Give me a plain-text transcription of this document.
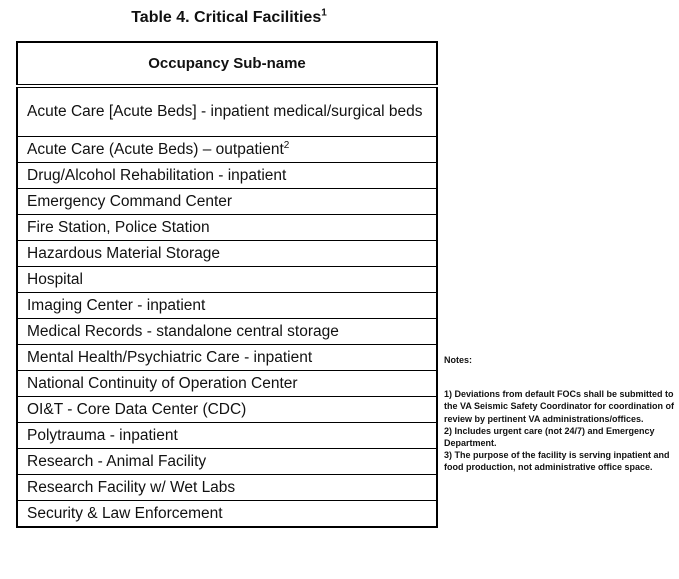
Table 4. Critical Facilities$^1$
Occupancy Sub-name
Acute Care [Acute Beds] - inpatient medical/surgical beds
Acute Care (Acute Beds) – outpatient$^2$
Drug/Alcohol Rehabilitation - inpatient
Emergency Command Center
Fire Station, Police Station
Hazardous Material Storage
Hospital
Imaging Center - inpatient
Medical Records - standalone central storage
Mental Health/Psychiatric Care - inpatient
National Continuity of Operation Center
OI&T - Core Data Center (CDC)
Polytrauma - inpatient
Research - Animal Facility
Research Facility w/ Wet Labs
Security & Law Enforcement

Notes:

1) Deviations from default FOCs shall be submitted to the VA Seismic Safety Coordinator for coordination of review by pertinent VA administrations/offices.

2) Includes urgent care (not 24/7) and Emergency Department.

3) The purpose of the facility is serving inpatient and food production, not administrative office space.
